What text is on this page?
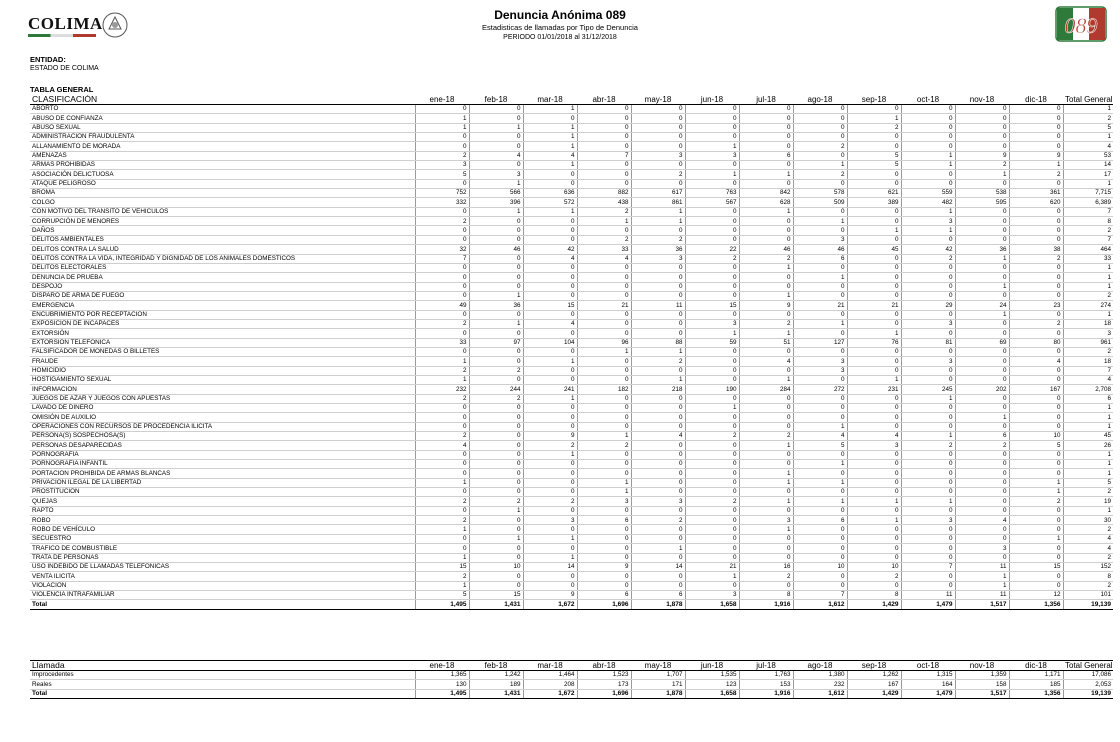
COLIMA	Denuncia Anónima 089
Estadisticas de llamadas por Tipo de Denuncia
PERIODO 01/01/2018 al 31/12/2018	089
ENTIDAD:
ESTADO DE COLIMA
TABLA GENERAL
CLASIFICACIÓN	ene-18	feb-18	mar-18	abr-18	may-18	jun-18	jul-18	ago-18	sep-18	oct-18	nov-18	dic-18	Total General
ABORTO	0	0	1	0	0	0	0	0	0	0	0	0	1
ABUSO DE CONFIANZA	1	0	0	0	0	0	0	0	1	0	0	0	2
ABUSO SEXUAL	1	1	1	0	0	0	0	0	2	0	0	0	5
ADMINISTRACION FRAUDULENTA	0	0	1	0	0	0	0	0	0	0	0	0	1
ALLANAMIENTO DE MORADA	0	0	1	0	0	1	0	2	0	0	0	0	4
AMENAZAS	2	4	4	7	3	3	6	0	5	1	9	9	53
ARMAS PROHIBIDAS	3	0	1	0	0	0	0	1	5	1	2	1	14
ASOCIACIÓN DELICTUOSA	5	3	0	0	2	1	1	2	0	0	1	2	17
ATAQUE PELIGROSO	0	1	0	0	0	0	0	0	0	0	0	0	1
BROMA	752	566	636	882	617	763	842	578	621	559	538	361	7,715
COLGO	332	396	572	438	861	567	628	509	389	482	595	620	6,389
CON MOTIVO DEL TRANSITO DE VEHICULOS	0	1	1	2	1	0	1	0	0	1	0	0	7
CORRUPCIÓN DE MENORES	2	0	0	1	1	0	0	1	0	3	0	0	8
DAÑOS	0	0	0	0	0	0	0	0	1	1	0	0	2
DELITOS AMBIENTALES	0	0	0	2	2	0	0	3	0	0	0	0	7
DELITOS CONTRA LA SALUD	32	46	42	33	36	22	46	46	45	42	36	38	464
DELITOS CONTRA LA VIDA, INTEGRIDAD Y DIGNIDAD DE LOS ANIMALES DOMÉSTICOS	7	0	4	4	3	2	2	6	0	2	1	2	33
DELITOS ELECTORALES	0	0	0	0	0	0	1	0	0	0	0	0	1
DENUNCIA DE PRUEBA	0	0	0	0	0	0	0	1	0	0	0	0	1
DESPOJO	0	0	0	0	0	0	0	0	0	0	1	0	1
DISPARO DE ARMA DE FUEGO	0	1	0	0	0	0	1	0	0	0	0	0	2
EMERGENCIA	49	36	15	21	11	15	9	21	21	29	24	23	274
ENCUBRIMIENTO POR RECEPTACIÓN	0	0	0	0	0	0	0	0	0	0	1	0	1
EXPOSICIÓN DE INCAPACES	2	1	4	0	0	3	2	1	0	3	0	2	18
EXTORSIÓN	0	0	0	0	0	1	1	0	1	0	0	0	3
EXTORSIÓN TELEFÓNICA	33	97	104	96	88	59	51	127	76	81	69	80	961
FALSIFICADOR DE MONEDAS O BILLETES	0	0	0	1	1	0	0	0	0	0	0	0	2
FRAUDE	1	0	1	0	2	0	4	3	0	3	0	4	18
HOMICIDIO	2	2	0	0	0	0	0	3	0	0	0	0	7
HOSTIGAMIENTO SEXUAL	1	0	0	0	1	0	1	0	1	0	0	0	4
INFORMACION	232	244	241	182	218	190	284	272	231	245	202	167	2,708
JUEGOS DE AZAR Y JUEGOS CON APUESTAS	2	2	1	0	0	0	0	0	0	1	0	0	6
LAVADO DE DINERO	0	0	0	0	0	1	0	0	0	0	0	0	1
OMISIÓN DE AUXILIO	0	0	0	0	0	0	0	0	0	0	1	0	1
OPERACIONES CON RECURSOS DE PROCEDENCIA ILICITA	0	0	0	0	0	0	0	1	0	0	0	0	1
PERSONA(S) SOSPECHOSA(S)	2	0	9	1	4	2	2	4	4	1	6	10	45
PERSONAS DESAPARECIDAS	4	0	2	2	0	0	1	5	3	2	2	5	26
PORNOGRAFIA	0	0	1	0	0	0	0	0	0	0	0	0	1
PORNOGRAFIA INFANTIL	0	0	0	0	0	0	0	1	0	0	0	0	1
PORTACION PROHIBIDA DE ARMAS BLANCAS	0	0	0	0	0	0	1	0	0	0	0	0	1
PRIVACION ILEGAL DE LA LIBERTAD	1	0	0	1	0	0	1	1	0	0	0	1	5
PROSTITUCION	0	0	0	1	0	0	0	0	0	0	0	1	2
QUEJAS	2	2	2	3	3	2	1	1	1	1	0	2	19
RAPTO	0	1	0	0	0	0	0	0	0	0	0	0	1
ROBO	2	0	3	6	2	0	3	6	1	3	4	0	30
ROBO DE VEHÍCULO	1	0	0	0	0	0	1	0	0	0	0	0	2
SECUESTRO	0	1	1	0	0	0	0	0	0	0	0	1	4
TRAFICO DE COMBUSTIBLE	0	0	0	0	1	0	0	0	0	0	3	0	4
TRATA DE PERSONAS	1	0	1	0	0	0	0	0	0	0	0	0	2
USO INDEBIDO DE LLAMADAS TELEFÓNICAS	15	10	14	9	14	21	16	10	10	7	11	15	152
VENTA ILICITA	2	0	0	0	0	1	2	0	2	0	1	0	8
VIOLACION	1	0	0	0	0	0	0	0	0	0	1	0	2
VIOLENCIA INTRAFAMILIAR	5	15	9	6	6	3	8	7	8	11	11	12	101
Total	1,495	1,431	1,672	1,696	1,878	1,658	1,916	1,612	1,429	1,479	1,517	1,356	19,139
Llamada	ene-18	feb-18	mar-18	abr-18	may-18	jun-18	jul-18	ago-18	sep-18	oct-18	nov-18	dic-18	Total General
Improcedentes	1,365	1,242	1,464	1,523	1,707	1,535	1,763	1,380	1,262	1,315	1,359	1,171	17,086
Reales	130	189	208	173	171	123	153	232	167	164	158	185	2,053
Total	1,495	1,431	1,672	1,696	1,878	1,658	1,916	1,612	1,429	1,479	1,517	1,356	19,139
